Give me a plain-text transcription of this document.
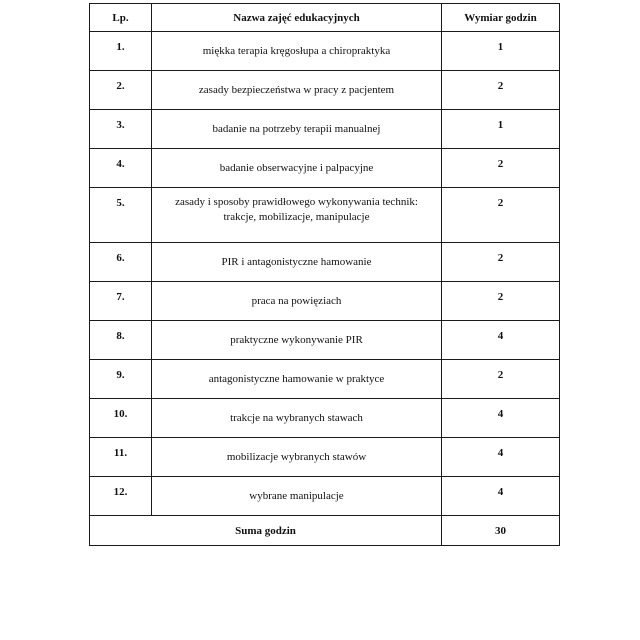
Lp.	Nazwa zajęć edukacyjnych	Wymiar godzin
1.	miękka terapia kręgosłupa a chiropraktyka	1
2.	zasady bezpieczeństwa w pracy z pacjentem	2
3.	badanie na potrzeby terapii manualnej	1
4.	badanie obserwacyjne i palpacyjne	2
5.	zasady i sposoby prawidłowego wykonywania technik: trakcje, mobilizacje, manipulacje	2
6.	PIR i antagonistyczne hamowanie	2
7.	praca na powięziach	2
8.	praktyczne wykonywanie PIR	4
9.	antagonistyczne hamowanie w praktyce	2
10.	trakcje na wybranych stawach	4
11.	mobilizacje wybranych stawów	4
12.	wybrane manipulacje	4
Suma godzin		30
